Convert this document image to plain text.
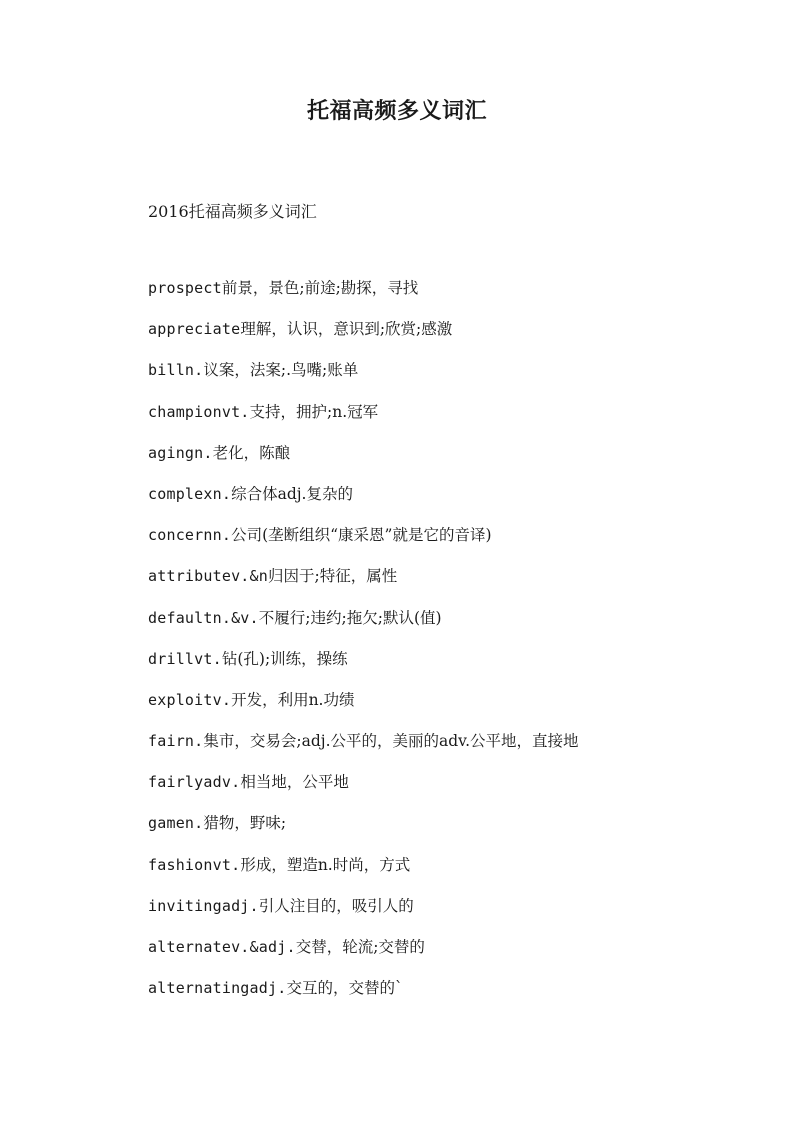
托福高频多义词汇

2016托福高频多义词汇

prospect前景，景色;前途;勘探，寻找
appreciate理解，认识，意识到;欣赏;感激
billn.议案，法案;.鸟嘴;账单
championvt.支持，拥护;n.冠军
agingn.老化，陈酿
complexn.综合体adj.复杂的
concernn.公司(垄断组织“康采恩”就是它的音译)
attributev.&n归因于;特征，属性
defaultn.&v.不履行;违约;拖欠;默认(值)
drillvt.钻(孔);训练，操练
exploitv.开发，利用n.功绩
fairn.集市，交易会;adj.公平的，美丽的adv.公平地，直接地
fairlyadv.相当地，公平地
gamen.猎物，野味;
fashionvt.形成，塑造n.时尚，方式
invitingadj.引人注目的，吸引人的
alternatev.&adj.交替，轮流;交替的
alternatingadj.交互的，交替的`
